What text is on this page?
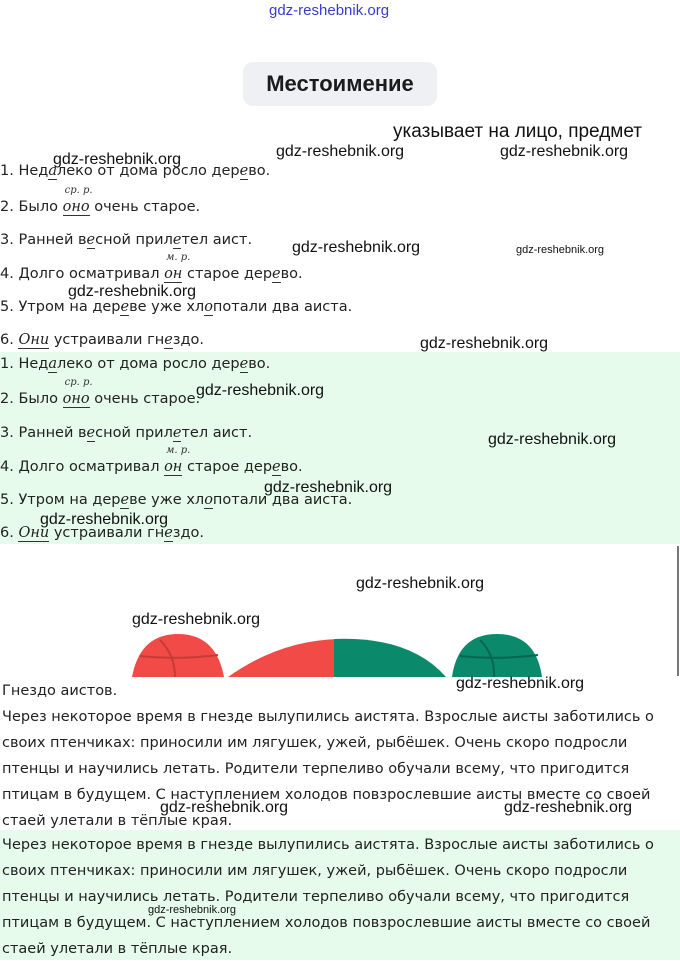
gdz-reshebnik.org
Местоимение
указывает на лицо, предмет
1. Недалеко от дома росло дерево.
2. Было
ср. р.
оно очень старое.
3. Ранней весной прилетел аист.
4. Долго осматривал
м. р.
он старое дерево.
5. Утром на дереве уже хлопотали два аиста.
6. Они устраивали гнездо.
1. Недалеко от дома росло дерево.
2. Было
ср. р.
оно очень старое.
3. Ранней весной прилетел аист.
4. Долго осматривал
м. р.
он старое дерево.
5. Утром на дереве уже хлопотали два аиста.
6. Они устраивали гнездо.
Гнездо аистов.
Через некоторое время в гнезде вылупились аистята. Взрослые аисты заботились о своих птенчиках: приносили им лягушек, ужей, рыбёшек. Очень скоро подросли птенцы и научились летать. Родители терпеливо обучали всему, что пригодится птицам в будущем. С наступлением холодов повзрослевшие аисты вместе со своей стаей улетали в тёплые края.
Через некоторое время в гнезде вылупились аистята. Взрослые аисты заботились о своих птенчиках: приносили им лягушек, ужей, рыбёшек. Очень скоро подросли птенцы и научились летать. Родители терпеливо обучали всему, что пригодится птицам в будущем. С наступлением холодов повзрослевшие аисты вместе со своей стаей улетали в тёплые края.
gdz-reshebnik.org	gdz-reshebnik.org	gdz-reshebnik.org
gdz-reshebnik.org	gdz-reshebnik.org
gdz-reshebnik.org
gdz-reshebnik.org
gdz-reshebnik.org
gdz-reshebnik.org
gdz-reshebnik.org
gdz-reshebnik.org
gdz-reshebnik.org
gdz-reshebnik.org
gdz-reshebnik.org
gdz-reshebnik.org	gdz-reshebnik.org
gdz-reshebnik.org
